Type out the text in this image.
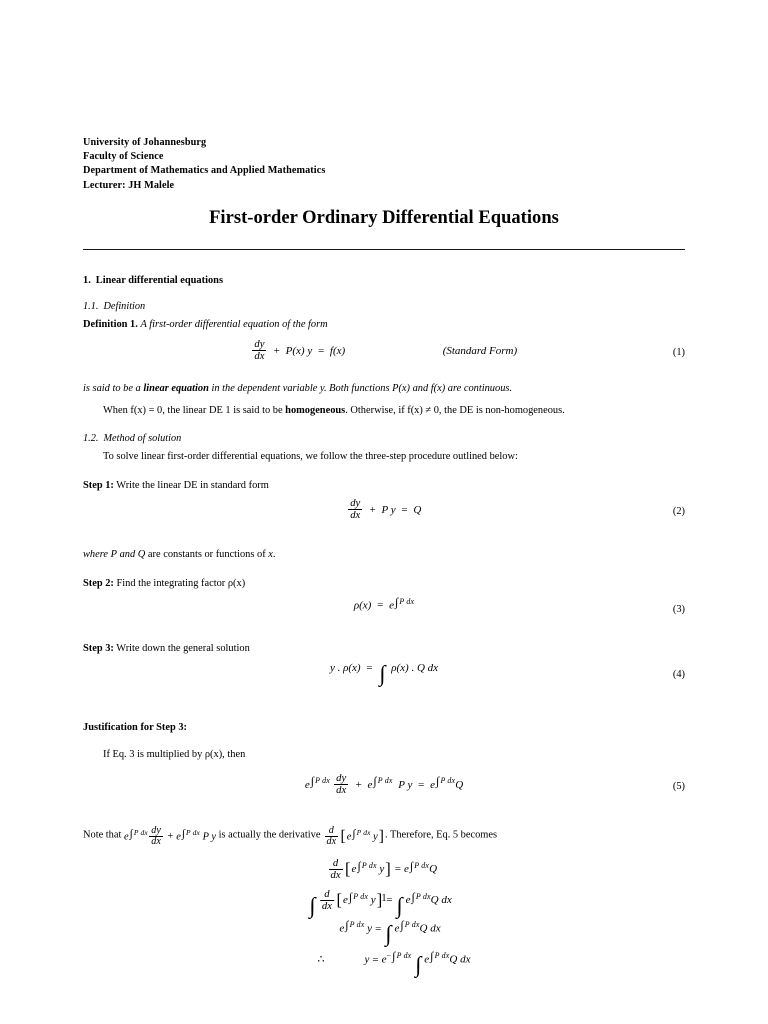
University of Johannesburg
Faculty of Science
Department of Mathematics and Applied Mathematics
Lecturer: JH Malele
First-order Ordinary Differential Equations
1. Linear differential equations
1.1. Definition
Definition 1. A first-order differential equation of the form
$\frac{dy}{dx} + P(x) y = f(x)$	(Standard Form)	(1)
is said to be a linear equation in the dependent variable y. Both functions P(x) and f(x) are continuous.
When f(x) = 0, the linear DE 1 is said to be homogeneous. Otherwise, if f(x) ≠ 0, the DE is non-homogeneous.
1.2. Method of solution
To solve linear first-order differential equations, we follow the three-step procedure outlined below:
Step 1: Write the linear DE in standard form
$\frac{dy}{dx} + P$ y = Q	(2)
where P and Q are constants or functions of x.
Step 2: Find the integrating factor ρ(x)
$\rho(x) = e^{\int P dx}$
(3)
Step 3: Write down the general solution
y . ρ(x) = ∫ ρ(x) . Q dx
(4)
Justification for Step 3:
If Eq. 3 is multiplied by ρ(x), then
$e^{\int P dx} \frac{dy}{dx} + e^{\int P dx}$ P $y = e^{\int P dx}Q$	(5)
Note that $e^{\int P dx} \frac{dy}{dx} + e^{\int P dx}$ P y is actually the derivative $\frac{d}{dx} [e^{\int P dx}$ y]. Therefore, Eq. 5 becomes
$\frac{d}{dx} [e^{\int P dx}$ $y] = e^{\int P dx}Q$
∫ $\frac{d}{dx} [e^{\int P dx}$ y] = ∫ $e^{\int P dx}Q$ dx
$e^{\int P dx}$ y = ∫ $e^{\int P dx}Q$ dx
∴	$y = e^{-\int P dx}$ ∫ $e^{\int P dx}Q$ dx
1
